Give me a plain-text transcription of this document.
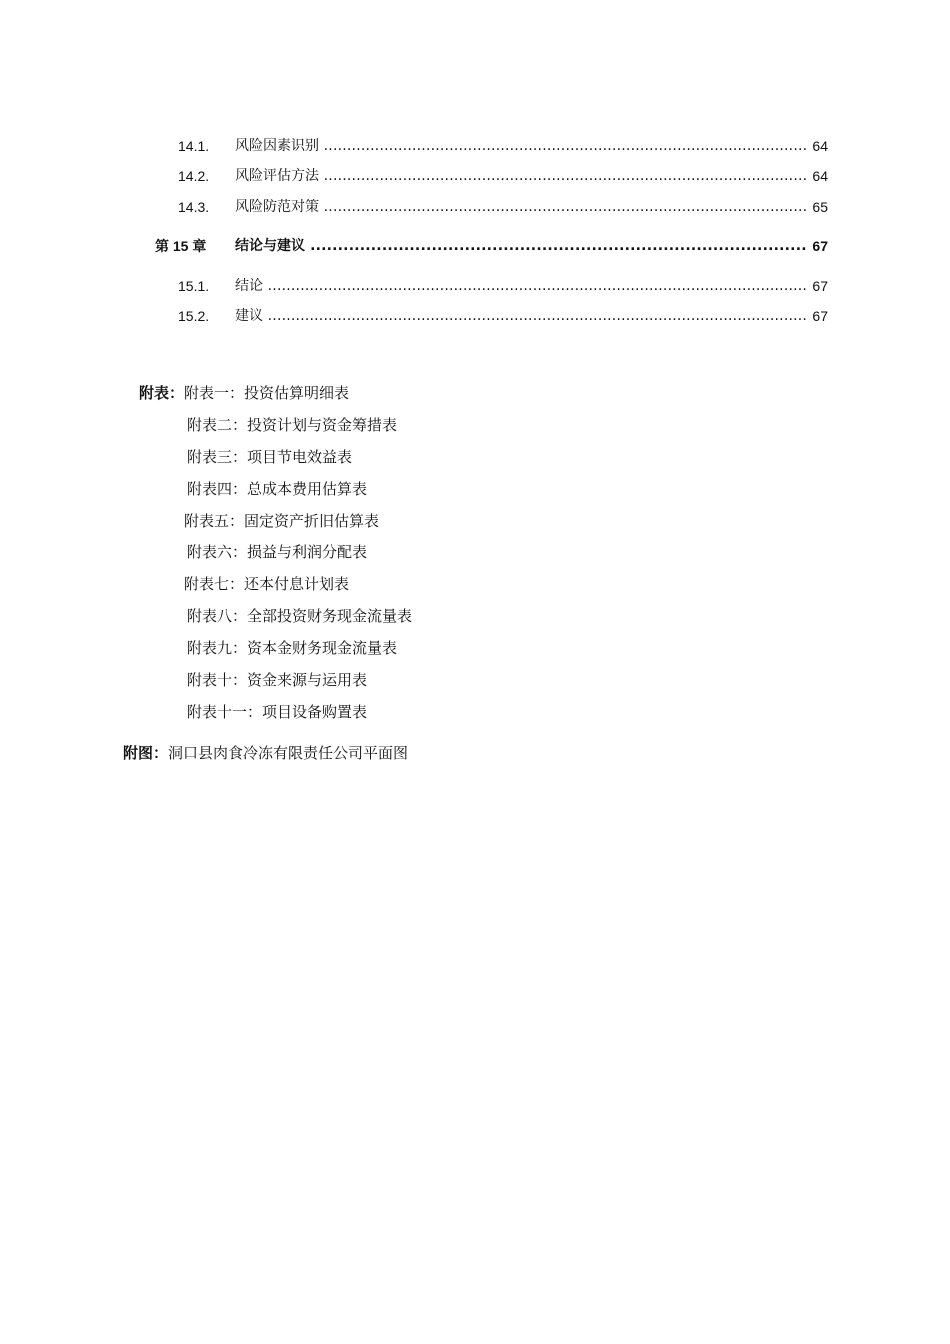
14.1. 风险因素识别 .....	64
14.2. 风险评估方法 .....	64
14.3. 风险防范对策 .....	65
第 15 章 结论与建议 .....	67
15.1. 结论 .....	67
15.2. 建议 .....	67
附表：附表一：投资估算明细表
附表二：投资计划与资金筹措表
附表三：项目节电效益表
附表四：总成本费用估算表
附表五：固定资产折旧估算表
附表六：损益与利润分配表
附表七：还本付息计划表
附表八：全部投资财务现金流量表
附表九：资本金财务现金流量表
附表十：资金来源与运用表
附表十一：项目设备购置表
附图：洞口县肉食冷冻有限责任公司平面图
